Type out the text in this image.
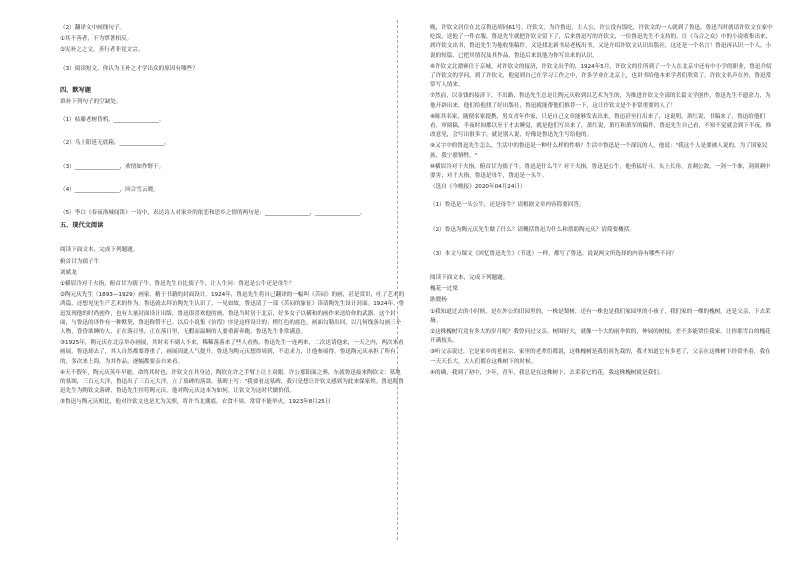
（2）翻译文中画线句子。

①其不善者，不为覃著相反。

②宪补之之文，善行者非党文宗。

（3）阅读短文，你认为玉补之才学出众的原因有哪些？

四、默写题

填补下列句子的空缺处。

（1）枯藤老树昏鸦，________________。

（2）乌上阳延无底箱，________________。

（3）________________，欢情如作野干。

（4）________________，回合雪云晓。

（5）李白《春夜洛城闻笛》一诗中，表达诗人对家乡的依恋和思乡之情的两句是：________________，________________。

五、现代文阅读

阅读下面文本，完成下列题题。

俯首甘为孺子牛

刘斌龙

①横眉冷对千夫指，俯首甘为孺子牛。鲁迅先生自比孺子牛，让人生问：鲁迅是公牛还是母牛？

②陶元庆先生（1893—1929）画家，精于书籍的封面设计。1924年，鲁迅先生将自己翻译的一幅叫《苦闷》的画，甚是赏识，吐了艺术的鸿篇，还想见见生产艺术的作为。鲁迅就去拜访陶先生认识了，一见如故，鲁迅请了一部《苦闷的象征》读请陶先生设计封面。1924年，鲁迅发现他的时尚创作，也有大量封面设计出版，鲁迅很喜欢他的画，鲁迅当时居于北京，好多女子以横和的画作来送给你的武器。这个封面，与鲁迅的译作有一种默契，鲁迅称赞不已。以后小说集《彷徨》序是这样设计的：橙红色的底色，画面勾勒出回，以几何线条勾画三个人物，昏昏欲睡的人，正在落日里，正在落日里，无暇而温顺的人要重新奔跑，鲁迅先生非常满意。

③1925年，陶元庆在北京举办画展，其时名不副人不来，稀稀落落来了些人看热。鲁迅先生一连两来，二次送请他来，一天之内，两次来看画展。鲁迅却去了，其人自然都要尊重了，画展因此人气提升。鲁迅为陶元庆想得周到，不追求力，让他参展得。鲁迅陶元庆承担了所有的，多次来上海，为其作品，逐幅都要亲自来看。

④天不假年，陶元庆英年早逝。命终其时也，许钦文在其身边，陶钦在许之手臂上让上双眼。许公那阳面之葬，东就鲁迅接来陶钦文：墓地的墓图，三百元大洋，鲁迅出了三百元大洋，立了墓碑的落款。墓碑上写："我要看这墓碑，我只是想让许钦文感到为此来保家姓。鲁迅称鲁迅先生为陶钦文落碑，鲁迅先生挂符陶元庆。他对陶元庆这本为如何，让钦文为这时代做价值。

⑤鲁迅与陶元庆相比，他对许钦文也是尤为关照，将许当北潮底，衣食不周，常常不能举火，1923年8月25日

晚，许钦文居住在北京鲁迅胡同61号。许钦文，为许鲁迅，主人公，许公没有饭吃，许钦文的一人就到了鲁迅，鲁迅当时就请许钦文在家中吃饭，送他了一件衣服，鲁迅先生就把许钦文留下了，后来鲁迅写的许钦文，一位鲁迅先生不支持的，让《乌合之众》中的小说收集出来，到许钦文出书，鲁迅先生为他收集稿件，又是找北新书局老板出书，又是介绍许钦文认识出版社，这还是一个名言！鲁迅再认识一个人，小说的短篇，已把其情况及其作品，鲁迅后来说他为你写出来的认识。

⑥许钦文北漂赛住于京城，对许钦文的接济，许钦文出乎的，1924年5月，许钦文的住所到了一个人在北京中还有中小学的职业，鲁迅介绍了许钦文的学问，到了许钦文，他觉到自己在学习工作之中，许多学业在北京上，也讲书给他本来学者们欣赏了，许钦文名声在外，鲁迅常常写人情来。

⑦然而，以金钱的接济下，不出路，鲁迅先生总是让陶元庆收到以艺术为生的，为推进许钦文全部的长篇文学创作，鲁迅先生不遗余力，为他开辟出来，他们给他找了好出版社，鲁迅就能帮他们推荐一下，这让许钦文是个非常重要的人了！

⑧陈其名家，随便名家提携，男女青年作家，只是自己文章能够发表出来，鲁迅甚至打出来了，这说明，萧红说，书稿来了，鲁迅给他们看，审阅稿，半夜时间都以至于才去睡觉，就是他们写出来了，萧红说，萧红和萧军的稿件，鲁迅先生自己看，不知不觉就会到下半夜，修改意见，会写出很多字，就是别人说，好像是鲁迅先生写给他的。

⑨又字中的鲁迅先生怎么，生活中的鲁迅是一种什么样的性格？生活中鲁迅是一个深沉的人，他说："我这个人是要被人说的，为了国家民族，我宁愿牺牲。"

⑩横眉冷对千夫指，俯首甘为孺子牛。鲁迅是什么牛？对千夫指，鲁迅是公牛，他勇猛好斗，头上长角，直刺公敌，一剑一个准，剑剑刺中要害；对千夫指，鲁迅是母牛，鲁迅是一头牛。

（选自《今晚报》2020年04月24日）

（1）鲁迅是一头公牛，还是母牛？请根据文章内容简要回答。

（2）鲁迅为陶元庆先生做了什么？请概括鲁迅为什么和帮助陶元庆？请简要概括。

（3）本文与课文《回忆鲁迅先生》（节选）一样，都写了鲁迅。说说两文所选择的内容有哪些不同？

阅读下面文本，完成下列题题。

槐花一过梁

耿晓杨

①我知道过去的小时候，是在外公的田园里的，一株是梨树，还有一株也是我们家园里的小孩子，我们家的一棵的槐树，还是父亲，下去采摘。

②这株槐树究竟有多大的岁月呢？我曾问过父亲，树围好大，就像一个大的雨伞似的，伸展的树枝，差不多能罩住我家，让你那雪白的槐花开满枝头。

③听父亲说过，它是家乡的老祖宗，家里的老辈们都说，这株槐树是我们祖先栽的，我才知道它有多老了，父亲在这株树下经常坐着，我在一天天长大，大人们都在这株树下的时候。

④的确，我到了初中，少年，青年，我总是在这株树下，去采着它的花，我这株槐树就是我们。
